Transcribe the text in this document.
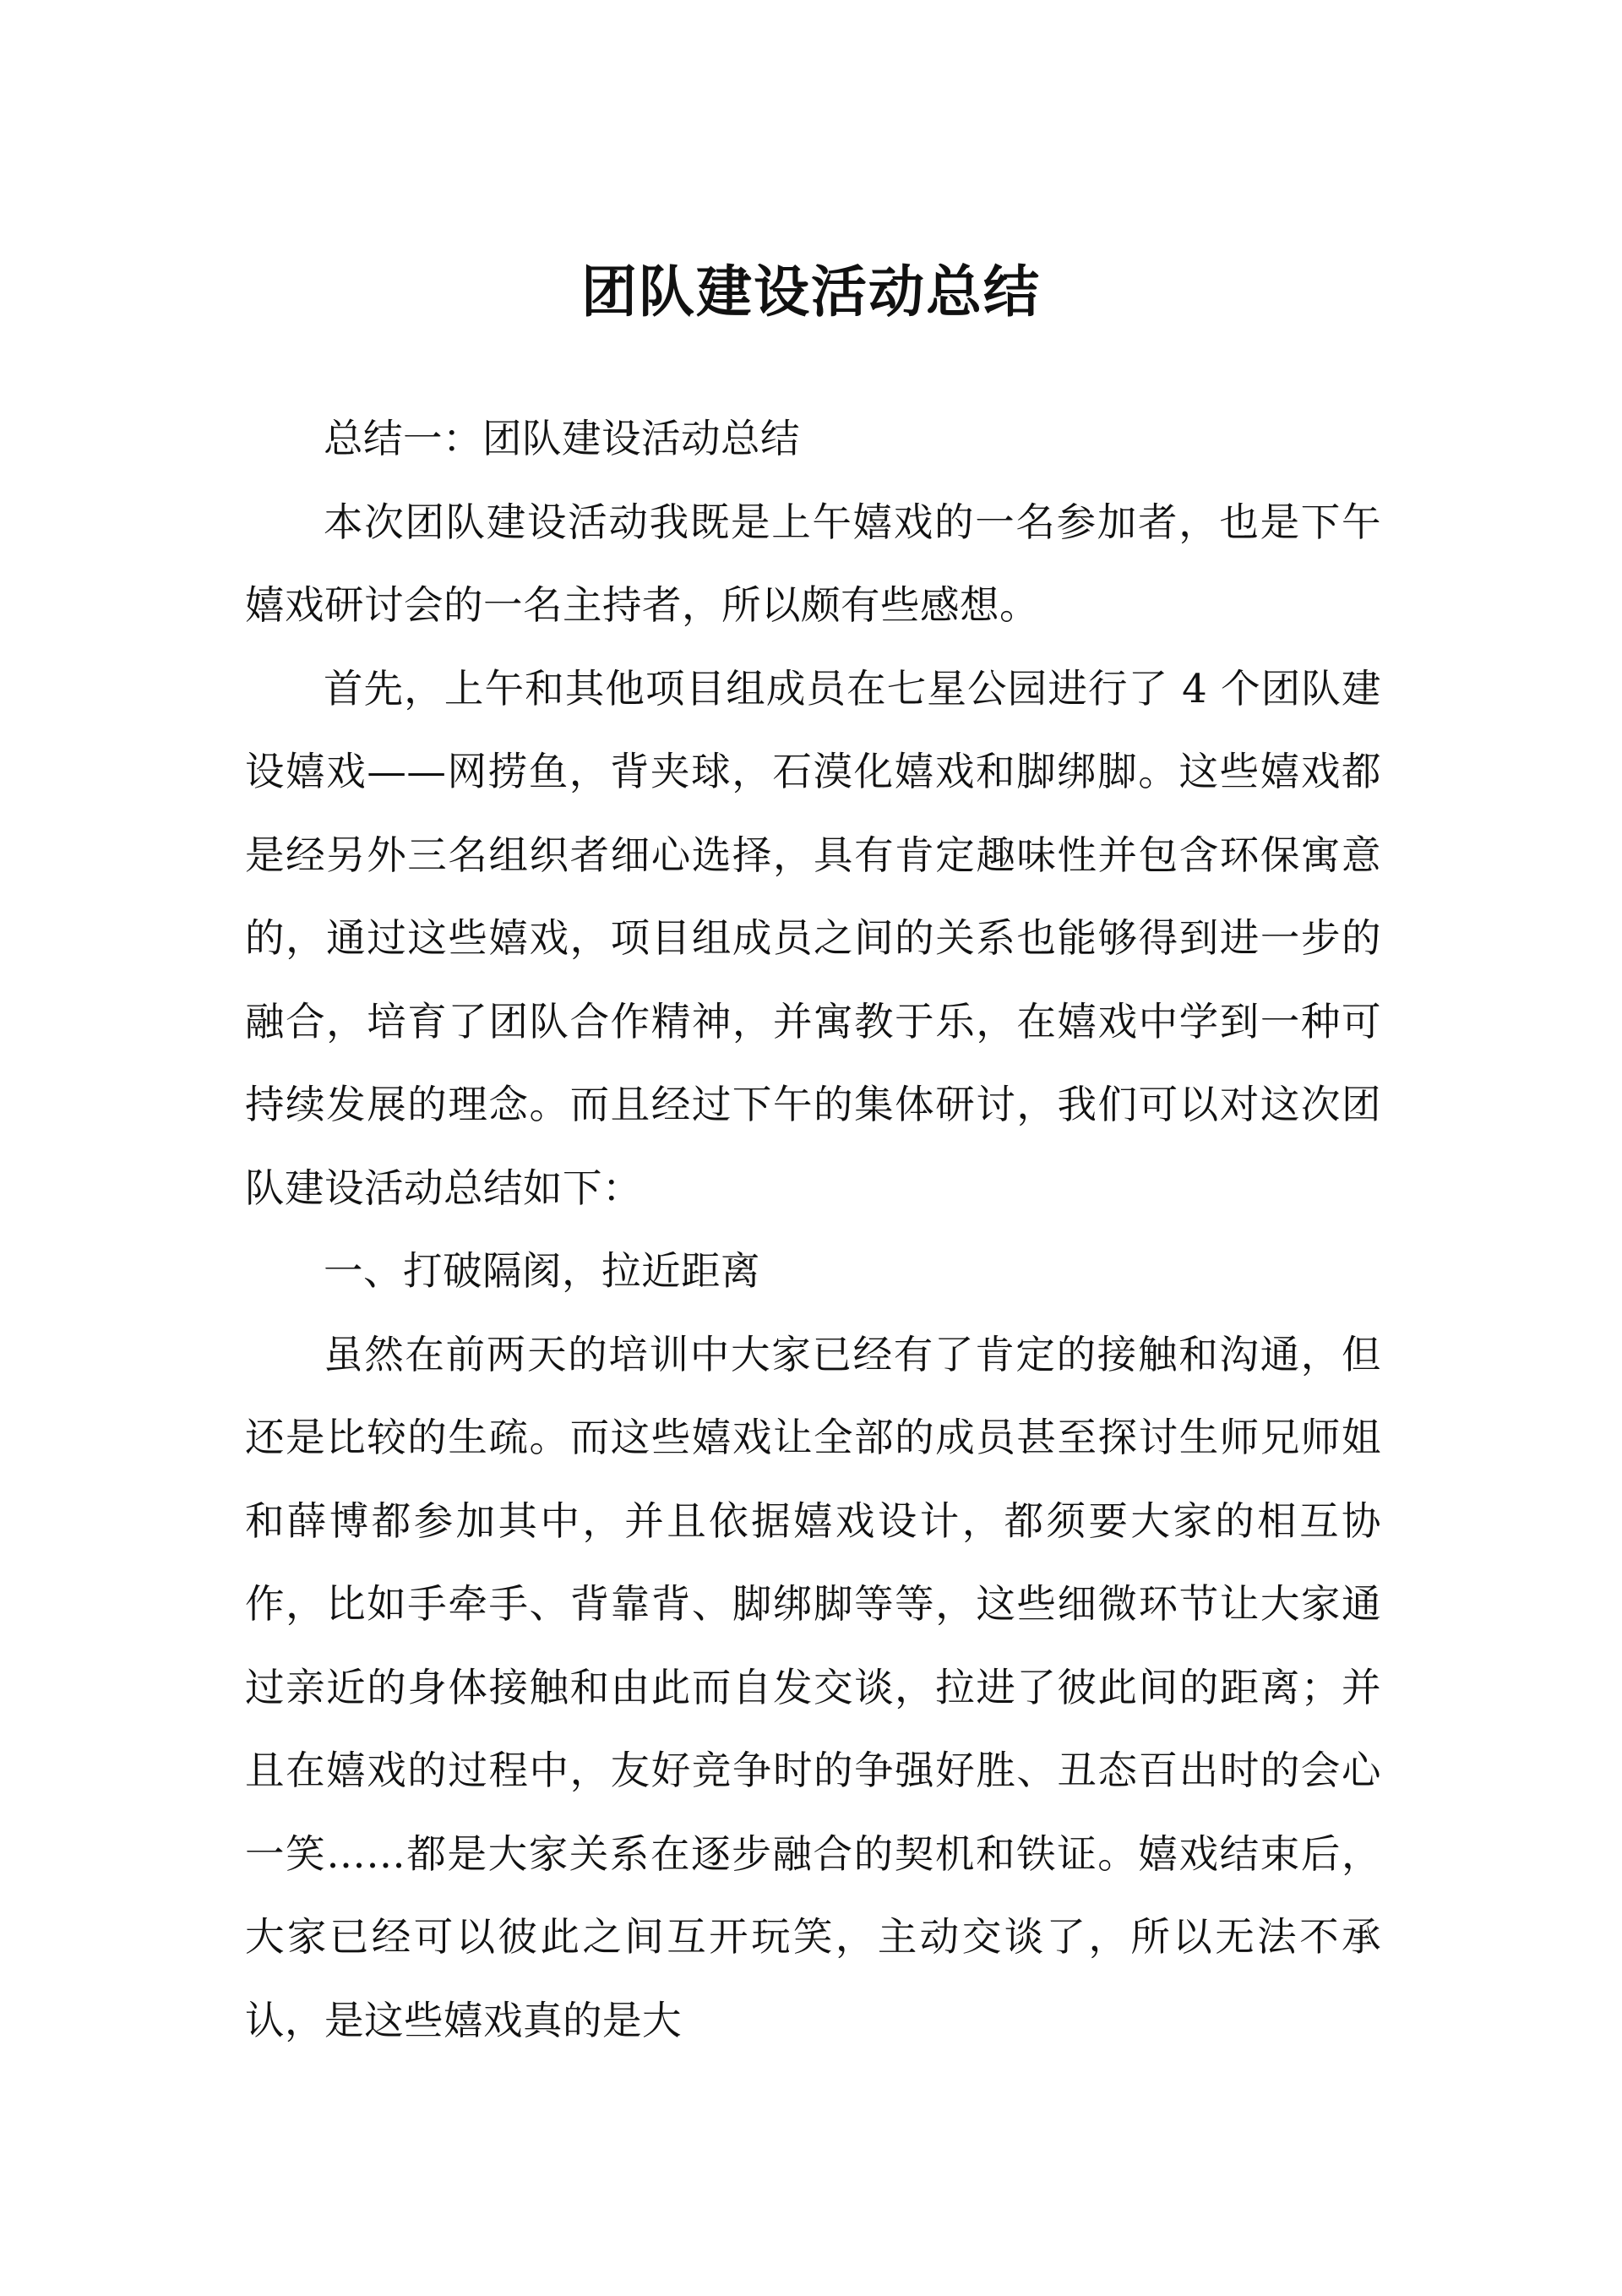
团队建设活动总结

总结一：团队建设活动总结

本次团队建设活动我既是上午嬉戏的一名参加者，也是下午嬉戏研讨会的一名主持者，所以颇有些感想。

首先，上午和其他项目组成员在七星公园进行了 4 个团队建设嬉戏——网捞鱼，背夹球，石漠化嬉戏和脚绑脚。这些嬉戏都是经另外三名组织者细心选择，具有肯定趣味性并包含环保寓意的，通过这些嬉戏，项目组成员之间的关系也能够得到进一步的融合，培育了团队合作精神，并寓教于乐，在嬉戏中学到一种可持续发展的理念。而且经过下午的集体研讨，我们可以对这次团队建设活动总结如下：

一、打破隔阂，拉近距离

虽然在前两天的培训中大家已经有了肯定的接触和沟通，但还是比较的生疏。而这些嬉戏让全部的成员甚至探讨生师兄师姐和薛博都参加其中，并且依据嬉戏设计，都须要大家的相互协作，比如手牵手、背靠背、脚绑脚等等，这些细微环节让大家通过亲近的身体接触和由此而自发交谈，拉进了彼此间的距离；并且在嬉戏的过程中，友好竞争时的争强好胜、丑态百出时的会心一笑……都是大家关系在逐步融合的契机和铁证。嬉戏结束后，大家已经可以彼此之间互开玩笑，主动交谈了，所以无法不承认，是这些嬉戏真的是大
